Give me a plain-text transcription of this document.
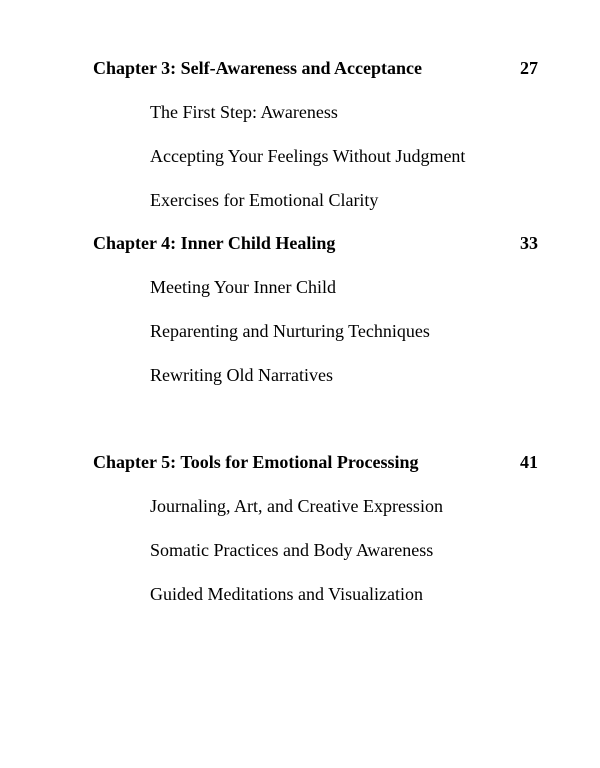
Chapter 3: Self-Awareness and Acceptance	27
The First Step: Awareness
Accepting Your Feelings Without Judgment
Exercises for Emotional Clarity
Chapter 4: Inner Child Healing	33
Meeting Your Inner Child
Reparenting and Nurturing Techniques
Rewriting Old Narratives
Chapter 5: Tools for Emotional Processing	41
Journaling, Art, and Creative Expression
Somatic Practices and Body Awareness
Guided Meditations and Visualization
